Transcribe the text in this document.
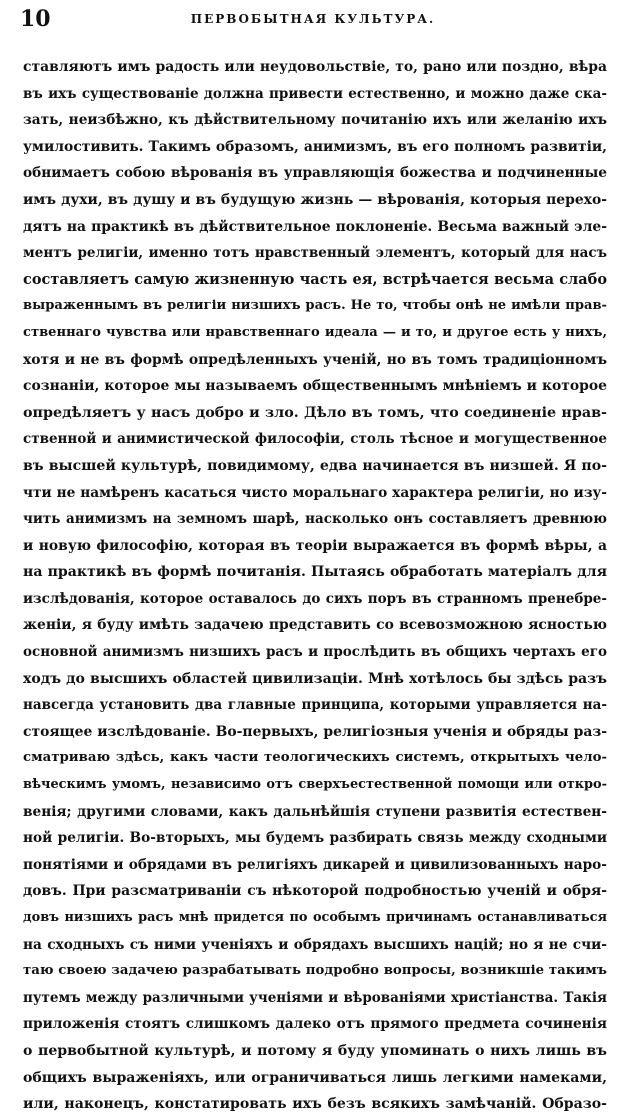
10	ПЕРВОБЫТНАЯ КУЛЬТУРА.
ставляютъ имъ радость или неудовольствіе, то, рано или поздно, вѣра
въ ихъ существованіе должна привести естественно, и можно даже ска-
зать, неизбѣжно, къ дѣйствительному почитанію ихъ или желанію ихъ
умилостивить. Такимъ образомъ, анимизмъ, въ его полномъ развитіи,
обнимаетъ собою вѣрованія въ управляющія божества и подчиненные
имъ духи, въ душу и въ будущую жизнь — вѣрованія, которыя перехо-
дятъ на практикѣ въ дѣйствительное поклоненіе. Весьма важный эле-
ментъ религіи, именно тотъ нравственный элементъ, который для насъ
составляетъ самую жизненную часть ея, встрѣчается весьма слабо
выраженнымъ въ религіи низшихъ расъ. Не то, чтобы онѣ не имѣли прав-
ственнаго чувства или нравственнаго идеала — и то, и другое есть у нихъ,
хотя и не въ формѣ опредѣленныхъ ученій, но въ томъ традиціонномъ
сознаніи, которое мы называемъ общественнымъ мнѣніемъ и которое
опредѣляетъ у насъ добро и зло. Дѣло въ томъ, что соединеніе нрав-
ственной и анимистической философіи, столь тѣсное и могущественное
въ высшей культурѣ, повидимому, едва начинается въ низшей. Я по-
чти не намѣренъ касаться чисто моральнаго характера религіи, но изу-
чить анимизмъ на земномъ шарѣ, насколько онъ составляетъ древнюю
и новую философію, которая въ теоріи выражается въ формѣ вѣры, а
на практикѣ въ формѣ почитанія. Пытаясь обработать матеріалъ для
изслѣдованія, которое оставалось до сихъ поръ въ странномъ пренебре-
женіи, я буду имѣть задачею представить со всевозможною ясностью
основной анимизмъ низшихъ расъ и прослѣдить въ общихъ чертахъ его
ходъ до высшихъ областей цивилизаціи. Мнѣ хотѣлось бы здѣсь разъ
навсегда установить два главные принципа, которыми управляется на-
стоящее изслѣдованіе. Во-первыхъ, религіозныя ученія и обряды раз-
сматриваю здѣсь, какъ части теологическихъ системъ, открытыхъ чело-
вѣческимъ умомъ, независимо отъ сверхъестественной помощи или откро-
венія; другими словами, какъ дальнѣйшія ступени развитія естествен-
ной религіи. Во-вторыхъ, мы будемъ разбирать связь между сходными
понятіями и обрядами въ религіяхъ дикарей и цивилизованныхъ наро-
довъ. При разсматриваніи съ нѣкоторой подробностью ученій и обря-
довъ низшихъ расъ мнѣ придется по особымъ причинамъ останавливаться
на сходныхъ съ ними ученіяхъ и обрядахъ высшихъ націй; но я не счи-
таю своею задачею разрабатывать подробно вопросы, возникшіе такимъ
путемъ между различными ученіями и вѣрованіями христіанства. Такія
приложенія стоятъ слишкомъ далеко отъ прямого предмета сочиненія
о первобытной культурѣ, и потому я буду упоминать о нихъ лишь въ
общихъ выраженіяхъ, или ограничиваться лишь легкими намеками,
или, наконецъ, констатировать ихъ безъ всякихъ замѣчаній. Образо-
